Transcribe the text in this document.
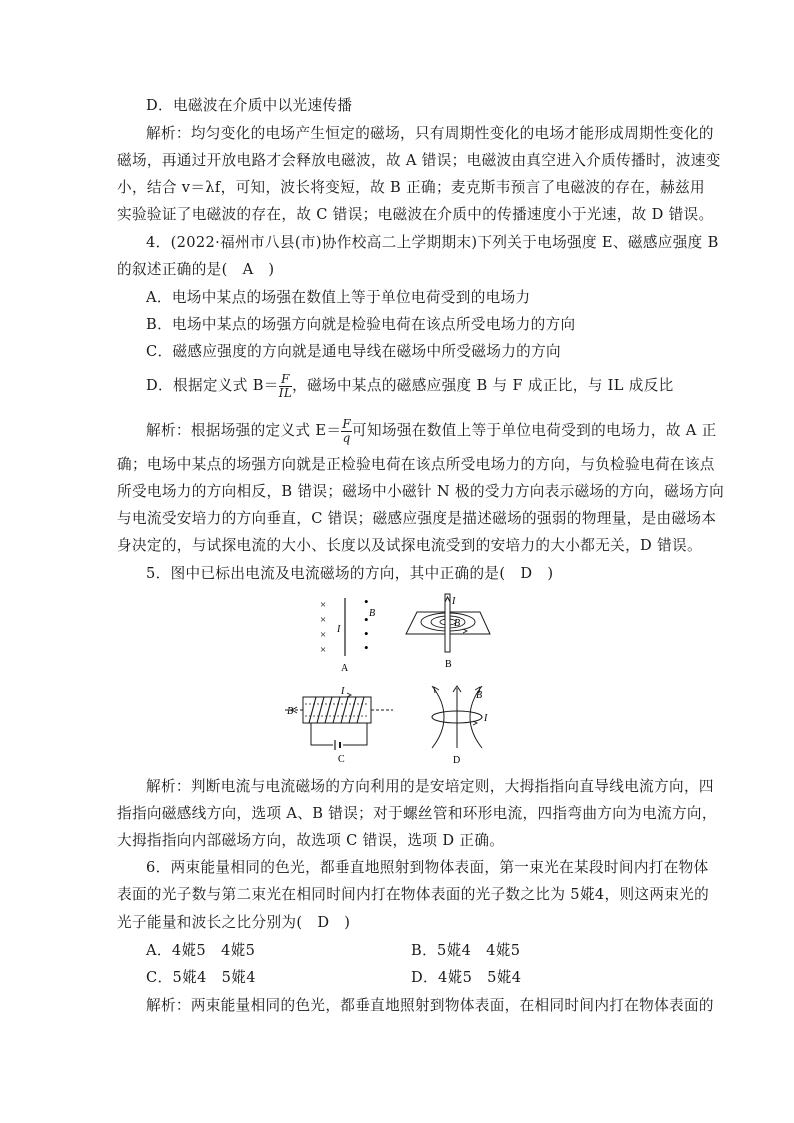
D．电磁波在介质中以光速传播
解析：均匀变化的电场产生恒定的磁场，只有周期性变化的电场才能形成周期性变化的
磁场，再通过开放电路才会释放电磁波，故 A 错误；电磁波由真空进入介质传播时，波速变
小，结合 v＝λf，可知，波长将变短，故 B 正确；麦克斯韦预言了电磁波的存在，赫兹用
实验验证了电磁波的存在，故 C 错误；电磁波在介质中的传播速度小于光速，故 D 错误。
4．(2022·福州市八县(市)协作校高二上学期期末)下列关于电场强度 E、磁感应强度 B
的叙述正确的是(　A　)
A．电场中某点的场强在数值上等于单位电荷受到的电场力
B．电场中某点的场强方向就是检验电荷在该点所受电场力的方向
C．磁感应强度的方向就是通电导线在磁场中所受磁场力的方向
D．根据定义式 $B= \frac{F}{IL}$ ，磁场中某点的磁感应强度 B 与 F 成正比，与 IL 成反比
解析：根据场强的定义式 $E= \frac{F}{q}$ 可知场强在数值上等于单位电荷受到的电场力，故 A 正
确；电场中某点的场强方向就是正检验电荷在该点所受电场力的方向，与负检验电荷在该点
所受电场力的方向相反，B 错误；磁场中小磁针 N 极的受力方向表示磁场的方向，磁场方向
与电流受安培力的方向垂直，C 错误；磁感应强度是描述磁场的强弱的物理量，是由磁场本
身决定的，与试探电流的大小、长度以及试探电流受到的安培力的大小都无关，D 错误。
5．图中已标出电流及电流磁场的方向，其中正确的是(　D　)
×
×
×
×
•
•
•
•
B
I
A
I
B
B
B
I
C
B
I
D
解析：判断电流与电流磁场的方向利用的是安培定则，大拇指指向直导线电流方向，四
指指向磁感线方向，选项 A、B 错误；对于螺丝管和环形电流，四指弯曲方向为电流方向，
大拇指指向内部磁场方向，故选项 C 错误，选项 D 正确。
6．两束能量相同的色光，都垂直地照射到物体表面，第一束光在某段时间内打在物体
表面的光子数与第二束光在相同时间内打在物体表面的光子数之比为 5婲4，则这两束光的
光子能量和波长之比分别为(　D　)
A．4婲5　4婲5	B．5婲4　4婲5
C．5婲4　5婲4	D．4婲5　5婲4
解析：两束能量相同的色光，都垂直地照射到物体表面，在相同时间内打在物体表面的
